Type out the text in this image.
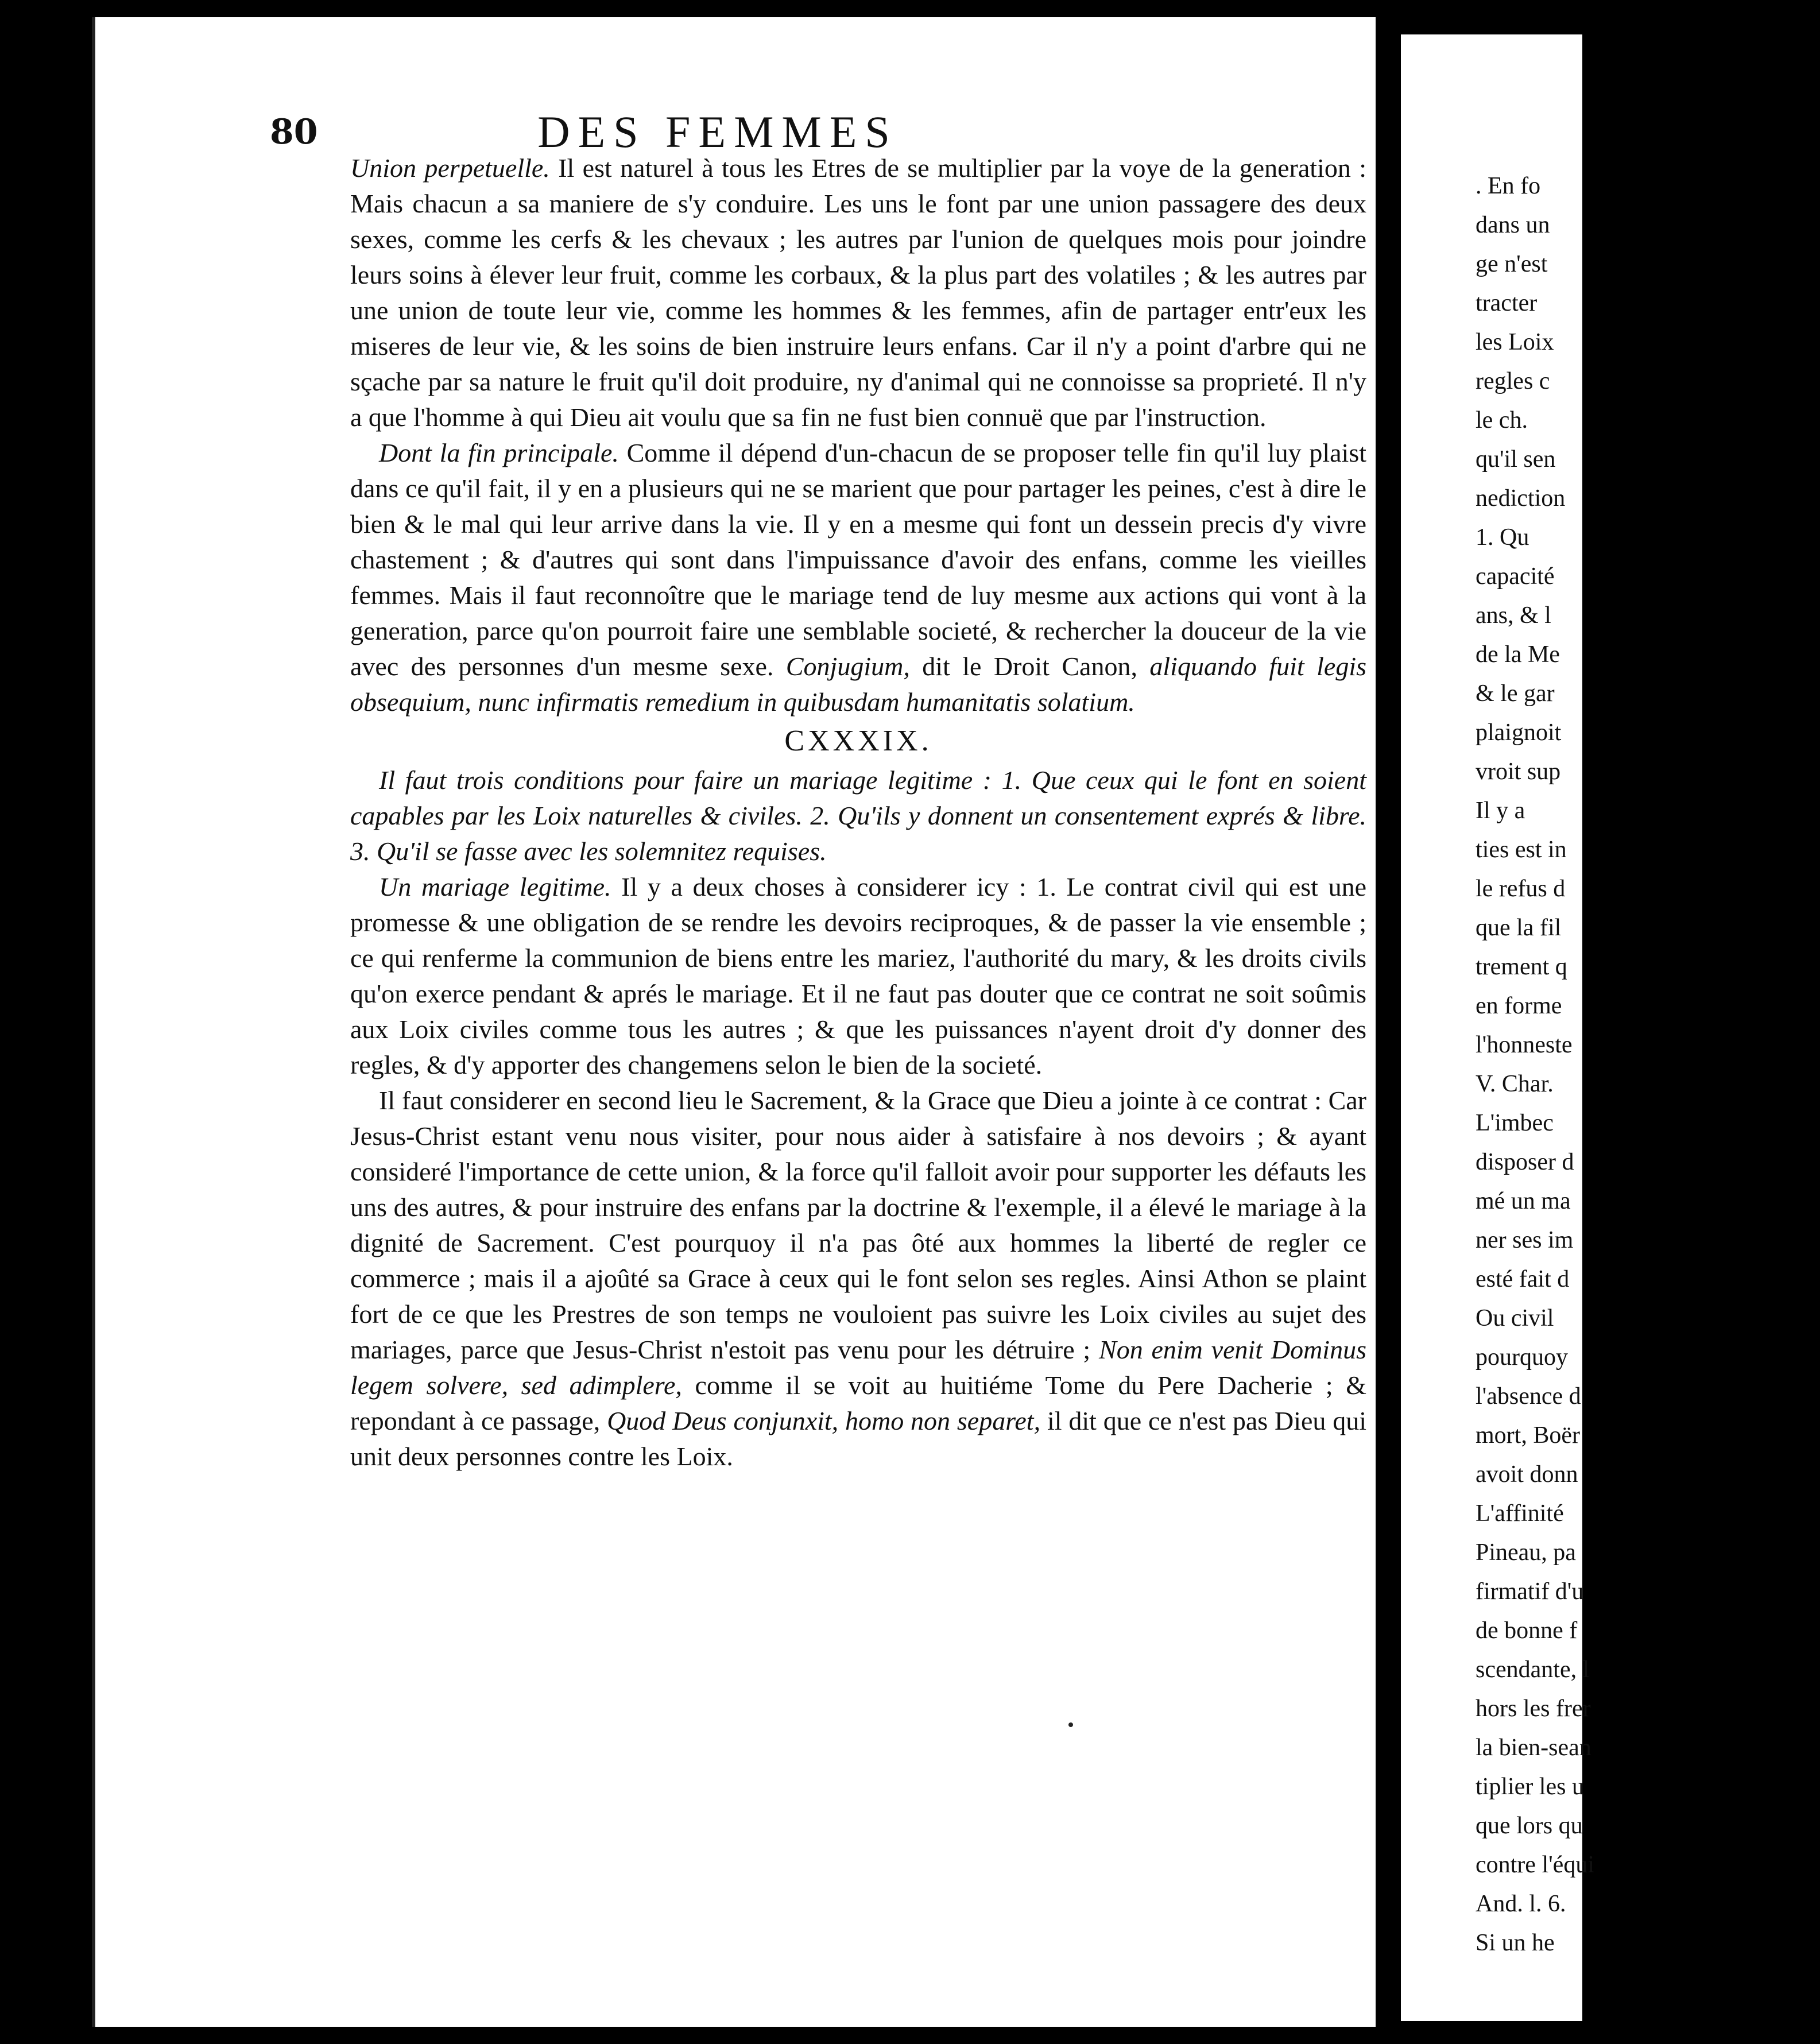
80	DES FEMMES

Union perpetuelle. Il est naturel à tous les Etres de se multiplier par la voye de la generation : Mais chacun a sa maniere de s'y conduire. Les uns le font par une union passagere des deux sexes, comme les cerfs & les chevaux ; les autres par l'union de quelques mois pour joindre leurs soins à élever leur fruit, comme les corbaux, & la plus part des volatiles ; & les autres par une union de toute leur vie, comme les hommes & les femmes, afin de partager entr'eux les miseres de leur vie, & les soins de bien instruire leurs enfans. Car il n'y a point d'arbre qui ne sçache par sa nature le fruit qu'il doit produire, ny d'animal qui ne connoisse sa proprieté. Il n'y a que l'homme à qui Dieu ait voulu que sa fin ne fust bien connuë que par l'instruction.

Dont la fin principale. Comme il dépend d'un-chacun de se proposer telle fin qu'il luy plaist dans ce qu'il fait, il y en a plusieurs qui ne se marient que pour partager les peines, c'est à dire le bien & le mal qui leur arrive dans la vie. Il y en a mesme qui font un dessein precis d'y vivre chastement ; & d'autres qui sont dans l'impuissance d'avoir des enfans, comme les vieilles femmes. Mais il faut reconnoître que le mariage tend de luy mesme aux actions qui vont à la generation, parce qu'on pourroit faire une semblable societé, & rechercher la douceur de la vie avec des personnes d'un mesme sexe. Conjugium, dit le Droit Canon, aliquando fuit legis obsequium, nunc infirmatis remedium in quibusdam humanitatis solatium.

CXXXIX.

Il faut trois conditions pour faire un mariage legitime : 1. Que ceux qui le font en soient capables par les Loix naturelles & civiles. 2. Qu'ils y donnent un consentement exprés & libre. 3. Qu'il se fasse avec les solemnitez requises.

Un mariage legitime. Il y a deux choses à considerer icy : 1. Le contrat civil qui est une promesse & une obligation de se rendre les devoirs reciproques, & de passer la vie ensemble ; ce qui renferme la communion de biens entre les mariez, l'authorité du mary, & les droits civils qu'on exerce pendant & aprés le mariage. Et il ne faut pas douter que ce contrat ne soit soûmis aux Loix civiles comme tous les autres ; & que les puissances n'ayent droit d'y donner des regles, & d'y apporter des changemens selon le bien de la societé.

Il faut considerer en second lieu le Sacrement, & la Grace que Dieu a jointe à ce contrat : Car Jesus-Christ estant venu nous visiter, pour nous aider à satisfaire à nos devoirs ; & ayant consideré l'importance de cette union, & la force qu'il falloit avoir pour supporter les défauts les uns des autres, & pour instruire des enfans par la doctrine & l'exemple, il a élevé le mariage à la dignité de Sacrement. C'est pourquoy il n'a pas ôté aux hommes la liberté de regler ce commerce ; mais il a ajoûté sa Grace à ceux qui le font selon ses regles. Ainsi Athon se plaint fort de ce que les Prestres de son temps ne vouloient pas suivre les Loix civiles au sujet des mariages, parce que Jesus-Christ n'estoit pas venu pour les détruire ; Non enim venit Dominus legem solvere, sed adimplere, comme il se voit au huitiéme Tome du Pere Dacherie ; & repondant à ce passage, Quod Deus conjunxit, homo non separet, il dit que ce n'est pas Dieu qui unit deux personnes contre les Loix.

. En fo
dans un
ge n'est
tracter
les Loix
regles c
le ch.
qu'il sen
nediction
1. Qu
capacité
ans, & l
de la Me
& le gar
plaignoit
vroit sup
Il y a
ties est in
le refus d
que la fil
trement q
en forme
l'honneste
V. Char.
L'imbec
disposer d
mé un ma
ner ses im
esté fait d
Ou civil
pourquoy
l'absence d
mort, Boër
avoit donn
L'affinité
Pineau, pa
firmatif d'u
de bonne f
scendante, l
hors les frer
la bien-sean
tiplier les u
que lors qu
contre l'équi
And. l. 6.
Si un he
